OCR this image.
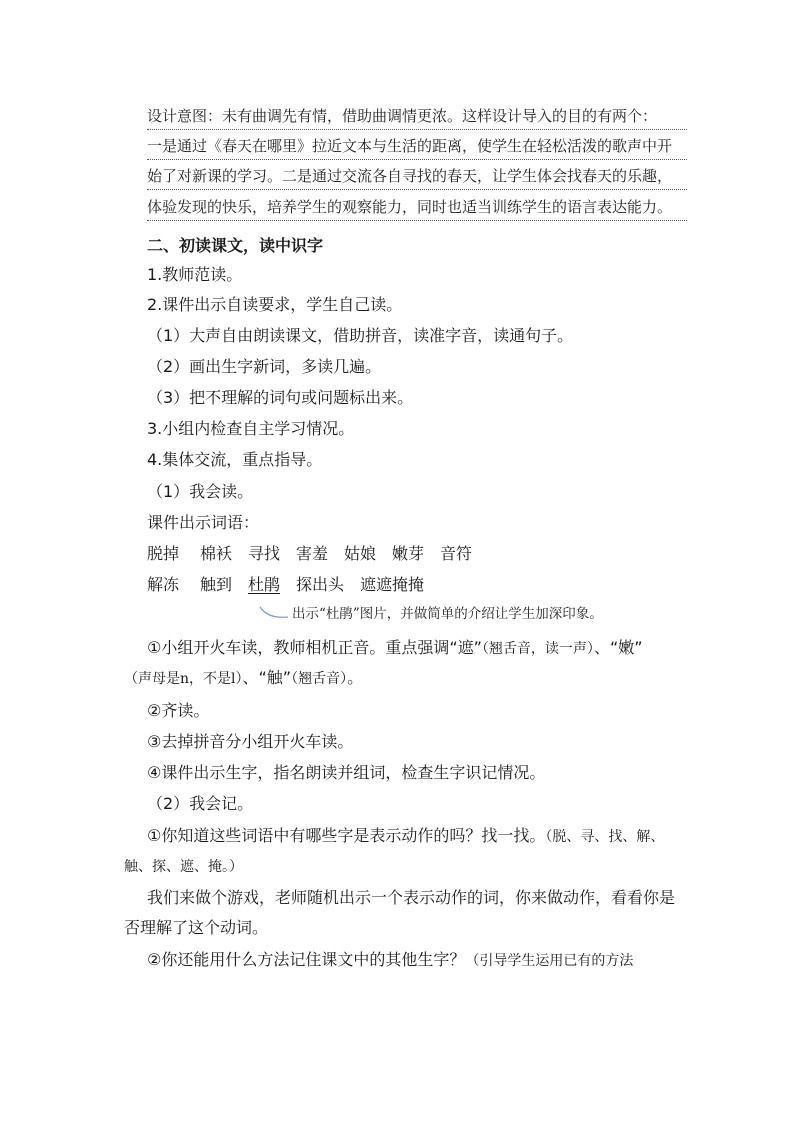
设计意图：未有曲调先有情，借助曲调情更浓。这样设计导入的目的有两个：
一是通过《春天在哪里》拉近文本与生活的距离，使学生在轻松活泼的歌声中开
始了对新课的学习。二是通过交流各自寻找的春天，让学生体会找春天的乐趣，
体验发现的快乐，培养学生的观察能力，同时也适当训练学生的语言表达能力。
二、初读课文，读中识字
1.教师范读。
2.课件出示自读要求，学生自己读。
（1）大声自由朗读课文，借助拼音，读准字音，读通句子。
（2）画出生字新词，多读几遍。
（3）把不理解的词句或问题标出来。
3.小组内检查自主学习情况。
4.集体交流，重点指导。
（1）我会读。
课件出示词语：
脱掉 棉袄 寻找 害羞 姑娘 嫩芽 音符
解冻 触到 杜鹃 探出头 遮遮掩掩
出示“杜鹃”图片，并做简单的介绍让学生加深印象。
①小组开火车读，教师相机正音。重点强调“遮”（翘舌音，读一声）、“嫩”
（声母是n，不是l）、“触”（翘舌音）。
②齐读。
③去掉拼音分小组开火车读。
④课件出示生字，指名朗读并组词，检查生字识记情况。
（2）我会记。
①你知道这些词语中有哪些字是表示动作的吗？找一找。（脱、寻、找、解、
触、探、遮、掩。）
我们来做个游戏，老师随机出示一个表示动作的词，你来做动作，看看你是
否理解了这个动词。
②你还能用什么方法记住课文中的其他生字？（引导学生运用已有的方法
